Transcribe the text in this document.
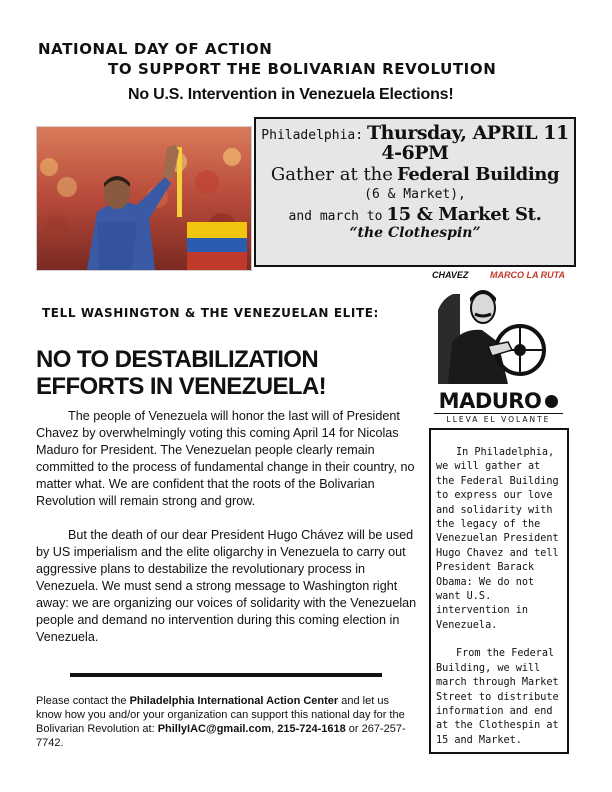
NATIONAL DAY OF ACTION
TO SUPPORT THE BOLIVARIAN REVOLUTION
No U.S. Intervention in Venezuela Elections!
Philadelphia: Thursday, APRIL 11
4-6PM
Gather at the Federal Building
(6 & Market),
and march to 15 & Market St.
“the Clothespin”
CHAVEZ MARCO LA RUTA
MADURO
LLEVA EL VOLANTE
TELL WASHINGTON & THE VENEZUELAN ELITE:
NO TO DESTABILIZATION EFFORTS IN VENEZUELA!
The people of Venezuela will honor the last will of President Chavez by overwhelmingly voting this coming April 14 for Nicolas Maduro for President. The Venezuelan people clearly remain committed to the process of fundamental change in their country, no matter what. We are confident that the roots of the Bolivarian Revolution will remain strong and grow.
But the death of our dear President Hugo Chávez will be used by US imperialism and the elite oligarchy in Venezuela to carry out aggressive plans to destabilize the revolutionary process in Venezuela. We must send a strong message to Washington right away: we are organizing our voices of solidarity with the Venezuelan people and demand no intervention during this coming election in Venezuela.
Please contact the Philadelphia International Action Center and let us know how you and/or your organization can support this national day for the Bolivarian Revolution at: PhillyIAC@gmail.com, 215-724-1618 or 267-257-7742.

In Philadelphia, we will gather at the Federal Building to express our love and solidarity with the legacy of the Venezuelan President Hugo Chavez and tell President Barack Obama: We do not want U.S. intervention in Venezuela.

From the Federal Building, we will march through Market Street to distribute information and end at the Clothespin at 15 and Market.
